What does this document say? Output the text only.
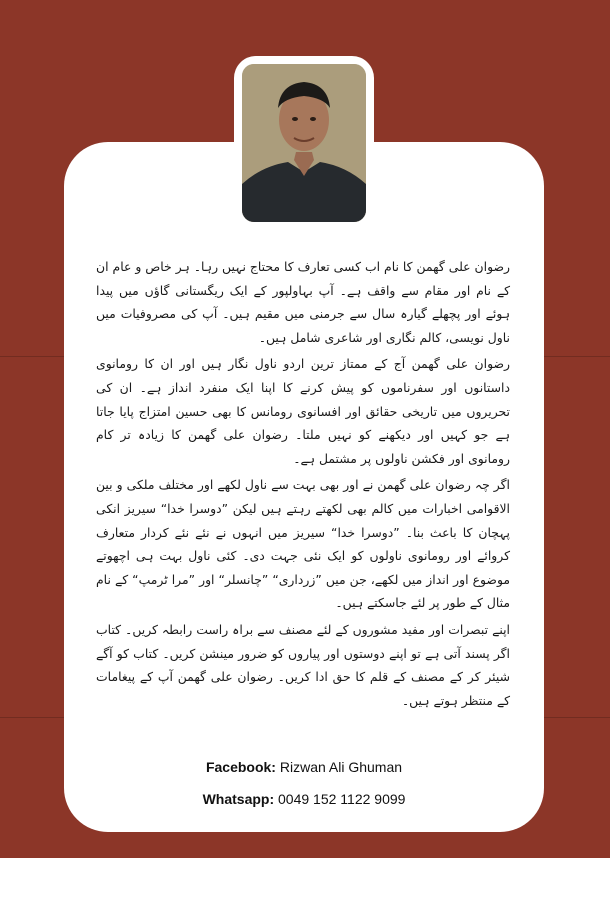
رضوان علی گھمن کا نام اب کسی تعارف کا محتاج نہیں رہا۔ ہر خاص و عام ان کے نام اور مقام سے واقف ہے۔ آپ بہاولپور کے ایک ریگستانی گاؤں میں پیدا ہوئے اور پچھلے گیارہ سال سے جرمنی میں مقیم ہیں۔ آپ کی مصروفیات میں ناول نویسی، کالم نگاری اور شاعری شامل ہیں۔

رضوان علی گھمن آج کے ممتاز ترین اردو ناول نگار ہیں اور ان کا رومانوی داستانوں اور سفرناموں کو پیش کرنے کا اپنا ایک منفرد انداز ہے۔ ان کی تحریروں میں تاریخی حقائق اور افسانوی رومانس کا بھی حسین امتزاج پایا جاتا ہے جو کہیں اور دیکھنے کو نہیں ملتا۔ رضوان علی گھمن کا زیادہ تر کام رومانوی اور فکشن ناولوں پر مشتمل ہے۔

اگر چہ رضوان علی گھمن نے اور بھی بہت سے ناول لکھے اور مختلف ملکی و بین الاقوامی اخبارات میں کالم بھی لکھتے رہتے ہیں لیکن ”دوسرا خدا“ سیریز انکی پہچان کا باعث بنا۔ ”دوسرا خدا“ سیریز میں انہوں نے نئے نئے کردار متعارف کروائے اور رومانوی ناولوں کو ایک نئی جہت دی۔ کئی ناول بہت ہی اچھوتے موضوع اور انداز میں لکھے، جن میں ”زرداری“ ”چانسلر“ اور ”مرا ٹرمپ“ کے نام مثال کے طور پر لئے جاسکتے ہیں۔

اپنے تبصرات اور مفید مشوروں کے لئے مصنف سے براہ راست رابطہ کریں۔ کتاب اگر پسند آتی ہے تو اپنے دوستوں اور پیاروں کو ضرور مینشن کریں۔ کتاب کو آگے شیئر کر کے مصنف کے قلم کا حق ادا کریں۔ رضوان علی گھمن آپ کے پیغامات کے منتظر ہوتے ہیں۔

Facebook: Rizwan Ali Ghuman
Whatsapp: 0049 152 1122 9099
